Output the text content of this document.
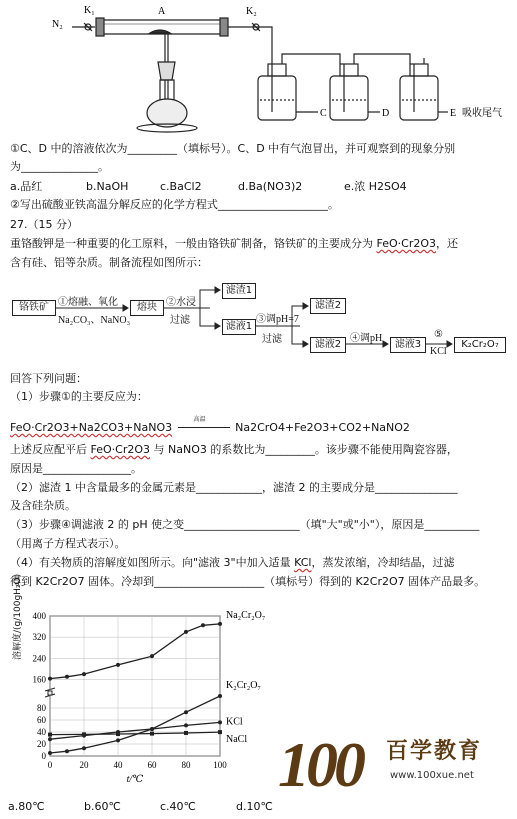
N₂
K₁	A	K₂
C	D	E 吸收尾气
①C、D 中的溶液依次为_________（填标号）。C、D 中有气泡冒出，并可观察到的现象分别
为______________。
a.品红	b.NaOH	c.BaCl2	d.Ba(NO3)2	e.浓 H2SO4
②写出硫酸亚铁高温分解反应的化学方程式____________________。
27.（15 分）
重铬酸钾是一种重要的化工原料，一般由铬铁矿制备，铬铁矿的主要成分为 FeO·Cr2O3，还
含有硅、铝等杂质。制备流程如图所示：
铬铁矿 ①熔融、氧化
Na₂CO₃、NaNO₃
熔块 ②水浸
过滤
滤渣1
滤液1
③调pH=7
过滤
滤渣2
滤液2
④调pH
滤液3
⑤
KCl
K₂Cr₂O₇
回答下列问题：
（1）步骤①的主要反应为：
FeO·Cr2O3+Na2CO3+NaNO3
高温
Na2CrO4+Fe2O3+CO2+NaNO2
上述反应配平后 FeO·Cr2O3 与 NaNO3 的系数比为_________。该步骤不能使用陶瓷容器，
原因是________________。
（2）滤渣 1 中含量最多的金属元素是____________，滤渣 2 的主要成分是_______________
及含硅杂质。
（3）步骤④调滤液 2 的 pH 使之变_____________________（填"大"或"小"），原因是__________
（用离子方程式表示）。
（4）有关物质的溶解度如图所示。向"滤液 3"中加入适量 KCl，蒸发浓缩，冷却结晶，过滤
得到 K2Cr2O7 固体。冷却到____________________（填标号）得到的 K2Cr2O7 固体产品最多。
0	20	40	60	80	100
160
240
320
400
0
20
40
60
80
t/℃
Na₂Cr₂O₇
K₂Cr₂O₇
KCl
NaCl
溶解度/(g/100gH₂O)
100 百学教育
www.100xue.net
a.80℃	b.60℃	c.40℃	d.10℃
